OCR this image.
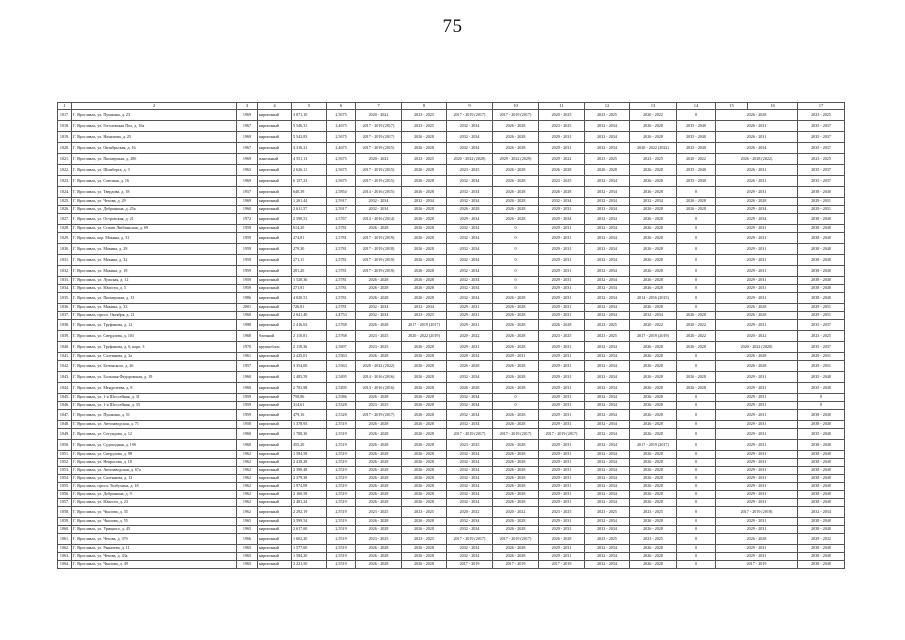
75
1	2	3	4	5	6	7	8	9	10	11	12	13	14	15	16	17
1017.	Г. Ярославль, ул. Пушкина, д. 23	1969	кирпичный	3 071,10	2,5675	2020 - 2022	2023 - 2025	2017 - 2019 (2017)	2017 - 2019 (2017)	2020 - 2025	2023 - 2025	2020 - 2022	0	2026 - 2028		2023 - 2025
1018.	Г. Ярославль, ул. Гоголевская Пол, д. 16а	1967	кирпичный	5 546,31	2,4675	2017 - 2019 (2017)	2023 - 2025	2032 - 2034	2026 - 2028	2023 - 2025	2032 - 2034	2026 - 2028	2035 - 2040	2026 - 2031		2035 - 2037
1019.	Г. Ярославль, ул. Нахимова, д. 25	1969	кирпичный	5 542,83	2,5675	2017 - 2019 (2017)	2026 - 2028	2032 - 2034	2026 - 2028	2029 - 2031	2032 - 2034	2026 - 2028	2035 - 2040	2026 - 2031		2035 - 2037
1020.	Г. Ярославль, ул. Октябрьская, д. 16	1967	кирпичный	3 316,21	2,4675	2017 - 2019 (2015)	2026 - 2028	2032 - 2034	2026 - 2028	2029 - 2031	2032 - 2034	2020 - 2022 (2022)	2035 - 2040	2026 - 2034		2035 - 2037
1021.	Г. Ярославль, ул. Пионерская, д. 28б	1969	панельный	4 551,13	2,5675	2020 - 2022	2023 - 2025	2020 - 2022 (2020)	2029 - 2022 (2029)	2029 - 2022	2023 - 2025	2023 - 2025	2020 - 2022	2026 - 2028 (2022)		2023 - 2025
1022.	Г. Ярославль, ул. Шомберга, д. 3	1963	кирпичный	2 626,11	2,5675	2017 - 2019 (2015)	2026 - 2028	2023 - 2025	2026 - 2028	2026 - 2028	2026 - 2028	2026 - 2028	2035 - 2040	2026 - 2031		2035 - 2037
1023.	Г. Ярославль, ул. Союзная, д. 16	1969	кирпичный	6 157,23	2,5675	2017 - 2019 (2015)	2026 - 2028	2032 - 2034	2026 - 2028	2023 - 2025	2032 - 2034	2026 - 2028	2035 - 2040	2026 - 2031		2035 - 2037
1024.	Г. Ярославль, ул. Твердова, д. 18	1957	кирпичный	640,39	2,5854	2014 - 2016 (2015)	2026 - 2028	2032 - 2034	2026 - 2028	2026 - 2028	2032 - 2034	2026 - 2028	0	2029 - 2031		2038 - 2040
1025.	Г. Ярославль, ул. Чехова, д. 29	1969	кирпичный	1 261,44	2,5917	2032 - 2034	2032 - 2034	2032 - 2034	2026 - 2028	2032 - 2034	2032 - 2034	2032 - 2034	2026 - 2028	2026 - 2028		2029 - 2031
1026.	Г. Ярославль, ул. Добрынина, д. 25а	1960	кирпичный	2 611,57	2,5917	2032 - 2034	2026 - 2028	2026 - 2028	2026 - 2028	2029 - 2031	2032 - 2034	2026 - 2028	2026 - 2028	2029 - 2034		2029 - 2031
1027.	Г. Ярославль, ул. Островская, д. 21	1972	кирпичный	2 590,51	2,5767	2014 - 2016 (2014)	2026 - 2028	2029 - 2034	2026 - 2028	2029 - 2034	2032 - 2034	2026 - 2028	0	2029 - 2034		2038 - 2040
1028.	Г. Ярославль, ул. Стачек Люблянская, д. 69	1959	кирпичный	614,20	2,5781	2026 - 2028	2026 - 2028	2032 - 2034	0	2029 - 2031	2032 - 2034	2026 - 2028	0	2029 - 2031		2038 - 2040
1029.	Г. Ярославль, кор. Мокина, д. 31	1959	кирпичный	274,81	2,5781	2017 - 2019 (2019)	2026 - 2028	2032 - 2034	0	2029 - 2031	2032 - 2034	2026 - 2028	0	2029 - 2031		2038 - 2040
1030.	Г. Ярославль, ул. Мокина, д. 28	1959	кирпичный	279,30	2,5781	2017 - 2019 (2018)	2026 - 2028	2032 - 2034	0	2029 - 2031	2032 - 2034	2026 - 2028	0	2029 - 2031		2038 - 2040
1031.	Г. Ярославль, ул. Мокина, д. 32	1959	кирпичный	271,11	2,5781	2017 - 2019 (2019)	2026 - 2028	2032 - 2034	0	2029 - 2031	2032 - 2034	2026 - 2028	0	2029 - 2031		2038 - 2040
1032.	Г. Ярославль, ул. Мокина, д. 18	1959	кирпичный	281,20	2,5781	2017 - 2019 (2019)	2026 - 2028	2032 - 2034	0	2029 - 2031	2032 - 2034	2026 - 2028	0	2029 - 2031		2038 - 2040
1033.	Г. Ярославль, ул. Лужская, д. 12	1959	кирпичный	1 520,36	2,5781	2026 - 2028	2026 - 2028	2032 - 2034	0	2029 - 2031	2032 - 2034	2026 - 2028	0	2029 - 2031		2038 - 2040
1034.	Г. Ярославль, ул. Юности, д. 5	1959	кирпичный	271,81	2,5781	2026 - 2028	2026 - 2028	2032 - 2034	0	2029 - 2031	2032 - 2034	2026 - 2028	0	2029 - 2031		2038 - 2040
1035.	Г. Ярославль, ул. Пионерская, д. 13	1986	кирпичный	4 020,51	2,5781	2026 - 2028	2026 - 2028	2032 - 2034	2026 - 2028	2029 - 2031	2032 - 2034	2014 - 2016 (2015)	0	2029 - 2031		2038 - 2040
1036.	Г. Ярославль, ул. Мокина, д. 33	2001	кирпичный	726,81	2,5781	2032 - 2034	2032 - 2034	2029 - 2031	2026 - 2028	2029 - 2031	2032 - 2034	2026 - 2028	0	2026 - 2028		2029 - 2031
1037.	Г. Ярославль, просп. Октября, д. 21	1960	кирпичный	2 641,40	2,4753	2032 - 2034	2023 - 2025	2029 - 2031	2026 - 2028	2029 - 2031	2032 - 2034	2032 - 2034	2026 - 2028	2026 - 2028		2029 - 2031
1038.	Г. Ярославль, ул. Труфанова, д. 12	1998	кирпичный	2 416,63	2,5768	2026 - 2028	2017 - 2019 (2017)	2029 - 2031	2026 - 2028	2026 - 2028	2023 - 2025	2020 - 2022	2020 - 2022	2029 - 2031		2035 - 2037
1039.	Г. Ярославль, ул. Свердлова, д. 103	1968	блочный	2 110,81	2,5768	2023 - 2025	2020 - 2022 (2019)	2020 - 2022	2026 - 2028	2023 - 2025	2023 - 2025	2017 - 2019 (2019)	2020 - 2022	2020 - 2022		2023 - 2025
1040.	Г. Ярославль, ул. Труфанова, д. 6, корп. 3	1970	крупноблоч.	2 118,36	2,5697	2023 - 2025	2026 - 2028	2029 - 2031	2026 - 2028	2029 - 2031	2032 - 2034	2026 - 2028	2026 - 2028	2020 - 2022 (2020)		2035 - 2037
1041.	Г. Ярославль, ул. Салтыкова, д. 2а	1961	кирпичный	2 425,01	2,5563	2026 - 2028	2026 - 2028	2029 - 2034	2029 - 2031	2029 - 2031	2032 - 2034	2026 - 2028	0	2026 - 2028		2029 - 2031
1042.	Г. Ярославль, ул. Белинского, д. 26	1957	кирпичный	3 354,00	2,5563	2020 - 2022 (2022)	2026 - 2028	2026 - 2028	2026 - 2028	2029 - 2031	2032 - 2034	2026 - 2028	0	2026 - 2028		2029 - 2031
1043.	Г. Ярославль, ул. Большая Федоровская, д. 19	1960	кирпичный	1 485,59	2,5495	2014 - 2016 (2016)	2026 - 2028	2032 - 2034	2026 - 2028	2029 - 2031	2032 - 2034	2026 - 2028	2026 - 2028	2029 - 2031		2035 - 2040
1044.	Г. Ярославль, ул. Менделеева, д. 8	1960	кирпичный	2 703,98	2,5495	2014 - 2016 (2016)	2026 - 2028	2026 - 2028	2026 - 2028	2029 - 2031	2032 - 2034	2026 - 2028	2026 - 2028	2029 - 2031		2035 - 2040
1045.	Г. Ярославль, ул. 1-я Шоссейная, д. 31	1959	кирпичный	758,86	2,5586	2026 - 2028	2026 - 2028	2032 - 2034	0	2029 - 2031	2032 - 2034	2026 - 2028	0	2029 - 2031		0
1046.	Г. Ярославль, ул. 1-я Шоссейная, д. 33	1959	кирпичный	314,61	2,5328	2023 - 2025	2026 - 2028	2032 - 2034	0	2029 - 2031	2032 - 2034	2026 - 2028	0	2029 - 2031		0
1047.	Г. Ярославль, ул. Пушкина, д. 51	1959	кирпичный	479,16	2,5328	2017 - 2019 (2017)	2026 - 2028	2032 - 2034	2026 - 2028	2029 - 2031	2032 - 2034	2026 - 2028	0	2029 - 2031		2038 - 2040
1048.	Г. Ярославль, ул. Автозаводская, д. 71	1958	кирпичный	1 378,93	2,5519	2026 - 2028	2026 - 2028	2032 - 2034	2026 - 2028	2029 - 2031	2032 - 2034	2026 - 2028	0	2029 - 2031		2038 - 2040
1049.	Г. Ярославль, ул. Сегундова, д. 12	1960	кирпичный	1 708,30	2,5519	2026 - 2028	2026 - 2028	2017 - 2019 (2017)	2017 - 2019 (2017)	2017 - 2019 (2017)	2032 - 2034	2026 - 2028	0	2029 - 2031		2035 - 2040
1050.	Г. Ярославль, ул. Судоходная, д. 19б	1960	кирпичный	455,20	2,5519	2026 - 2028	2026 - 2028	2023 - 2025	2026 - 2028	2029 - 2031	2032 - 2034	2017 - 2019 (2017)	0	2029 - 2031		2038 - 2040
1051.	Г. Ярославль, ул. Свердлова, д. 98	1962	кирпичный	1 594,58	2,5519	2026 - 2028	2026 - 2028	2032 - 2034	2026 - 2028	2029 - 2031	2032 - 2034	2026 - 2028	0	2029 - 2031		2038 - 2040
1052.	Г. Ярославль, ул. Некрасова, д. 18	1962	кирпичный	2 418,28	2,5519	2026 - 2028	2026 - 2028	2032 - 2034	2026 - 2028	2029 - 2031	2032 - 2034	2026 - 2028	0	2029 - 2031		2038 - 2040
1053.	Г. Ярославль, ул. Автозаводская, д. 67а	1962	кирпичный	2 390,48	2,5519	2026 - 2028	2026 - 2028	2032 - 2034	2026 - 2028	2029 - 2031	2032 - 2034	2026 - 2028	0	2029 - 2031		2038 - 2040
1054.	Г. Ярославль, ул. Салтыкова, д. 12	1962	кирпичный	2 379,38	2,5519	2026 - 2028	2026 - 2028	2032 - 2034	2026 - 2028	2029 - 2031	2032 - 2034	2026 - 2028	0	2029 - 2031		2038 - 2040
1055.	Г. Ярославль, просп. Толбухина, д. 18	1962	кирпичный	1 974,08	2,5519	2026 - 2028	2026 - 2028	2032 - 2034	2026 - 2028	2029 - 2031	2032 - 2034	2026 - 2028	0	2029 - 2031		2038 - 2040
1056.	Г. Ярославль, ул. Добрынина, д. 9	1962	кирпичный	2 160,58	2,5519	2026 - 2028	2026 - 2028	2032 - 2034	2026 - 2028	2029 - 2031	2032 - 2034	2026 - 2028	0	2029 - 2031		2038 - 2040
1057.	Г. Ярославль, ул. Юности, д. 23	1962	кирпичный	2 481,24	2,5519	2026 - 2028	2026 - 2028	2032 - 2034	2026 - 2028	2029 - 2031	2032 - 2034	2026 - 2028	0	2029 - 2031		2038 - 2040
1058.	Г. Ярославль, ул. Чкалова, д. 35	1962	кирпичный	2 292,19	2,5519	2023 - 2025	2023 - 2025	2020 - 2022	2020 - 2022	2023 - 2025	2023 - 2025	2023 - 2025	0	2017 - 2019 (2018)		2032 - 2034
1059.	Г. Ярославль, ул. Чкалова, д. 55	1965	кирпичный	3 599,54	2,5519	2026 - 2028	2026 - 2028	2032 - 2034	2026 - 2028	2029 - 2031	2032 - 2034	2026 - 2028	0	2029 - 2031		2038 - 2040
1060.	Г. Ярославль, ул. Урицкого, д. 45	1965	кирпичный	2 617,60	2,5519	2026 - 2028	2026 - 2028	2032 - 2034	2026 - 2028	2029 - 2031	2032 - 2034	2026 - 2028	0	2029 - 2031		2038 - 2040
1061.	Г. Ярославль, ул. Чехова, д. 37б	1966	кирпичный	1 602,20	2,5519	2023 - 2025	2023 - 2025	2017 - 2019 (2017)	2017 - 2019 (2017)	2026 - 2028	2023 - 2025	2023 - 2025	0	2026 - 2028		2029 - 2032
1062.	Г. Ярославль, ул. Рыкачева, д. 11	1965	кирпичный	1 577,60	2,5519	2026 - 2028	2026 - 2028	2032 - 2034	2026 - 2028	2029 - 2031	2032 - 2034	2026 - 2028	0	2029 - 2031		2038 - 2040
1063.	Г. Ярославль, ул. Чехова, д. 43а	1965	кирпичный	1 584,20	2,5519	2026 - 2028	2026 - 2028	2032 - 2034	2026 - 2028	2029 - 2031	2032 - 2034	2026 - 2028	0	2029 - 2031		2038 - 2040
1064.	Г. Ярославль, ул. Чкалова, д. 49	1965	кирпичный	3 221,50	2,5519	2026 - 2028	2026 - 2028	2017 - 2019	2017 - 2019	2017 - 2019	2032 - 2034	2026 - 2028	0	2017 - 2019		2038 - 2040
